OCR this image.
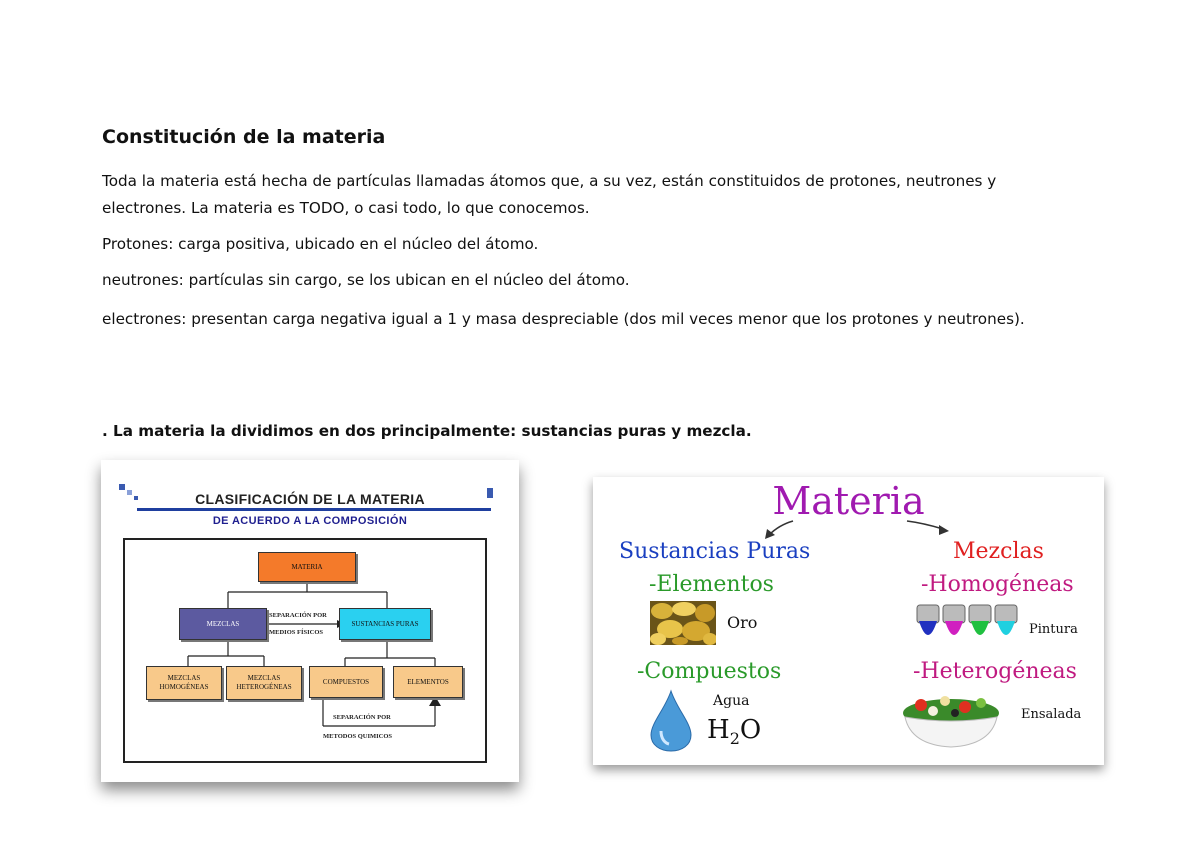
Constitución de la materia

Toda la materia está hecha de partículas llamadas átomos que, a su vez, están constituidos de protones, neutrones y

electrones. La materia es TODO, o casi todo, lo que conocemos.

Protones: carga positiva, ubicado en el núcleo del átomo.

neutrones: partículas sin cargo, se los ubican en el núcleo del átomo.

electrones: presentan carga negativa igual a 1 y masa despreciable (dos mil veces menor que los protones y neutrones).

. La materia la dividimos en dos principalmente: sustancias puras y mezcla.

CLASIFICACIÓN DE LA MATERIA
DE ACUERDO A LA COMPOSICIÓN
MATERIA
MEZCLAS	SUSTANCIAS PURAS
SEPARACIÓN POR
MEDIOS FÍSICOS
MEZCLAS HOMOGÉNEAS
MEZCLAS HETEROGÉNEAS
COMPUESTOS	ELEMENTOS
SEPARACIÓN POR
METODOS QUIMICOS
Materia
Sustancias Puras	Mezclas
-Elementos	-Homogéneas
Oro	Pintura
-Compuestos	-Heterogéneas
Agua
$H_2O$
Ensalada
